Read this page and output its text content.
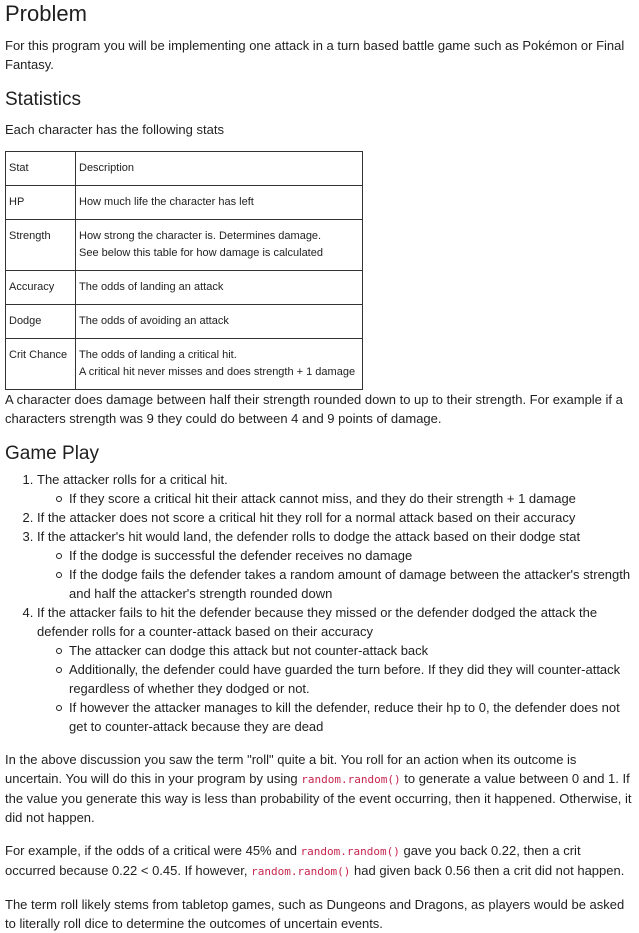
Problem

For this program you will be implementing one attack in a turn based battle game such as Pokémon or Final Fantasy.

Statistics

Each character has the following stats

Stat	Description
HP	How much life the character has left
Strength	How strong the character is. Determines damage.
See below this table for how damage is calculated
Accuracy	The odds of landing an attack
Dodge	The odds of avoiding an attack
Crit Chance	The odds of landing a critical hit.
A critical hit never misses and does strength + 1 damage

A character does damage between half their strength rounded down to up to their strength. For example if a characters strength was 9 they could do between 4 and 9 points of damage.

Game Play
1. The attacker rolls for a critical hit.
If they score a critical hit their attack cannot miss, and they do their strength + 1 damage
2. If the attacker does not score a critical hit they roll for a normal attack based on their accuracy
3. If the attacker's hit would land, the defender rolls to dodge the attack based on their dodge stat
If the dodge is successful the defender receives no damage
If the dodge fails the defender takes a random amount of damage between the attacker's strength and half the attacker's strength rounded down
4. If the attacker fails to hit the defender because they missed or the defender dodged the attack the defender rolls for a counter-attack based on their accuracy
The attacker can dodge this attack but not counter-attack back
Additionally, the defender could have guarded the turn before. If they did they will counter-attack regardless of whether they dodged or not.
If however the attacker manages to kill the defender, reduce their hp to 0, the defender does not get to counter-attack because they are dead

In the above discussion you saw the term "roll" quite a bit. You roll for an action when its outcome is uncertain. You will do this in your program by using random.random() to generate a value between 0 and 1. If the value you generate this way is less than probability of the event occurring, then it happened. Otherwise, it did not happen.

For example, if the odds of a critical were 45% and random.random() gave you back 0.22, then a crit occurred because 0.22 < 0.45. If however, random.random() had given back 0.56 then a crit did not happen.

The term roll likely stems from tabletop games, such as Dungeons and Dragons, as players would be asked to literally roll dice to determine the outcomes of uncertain events.
